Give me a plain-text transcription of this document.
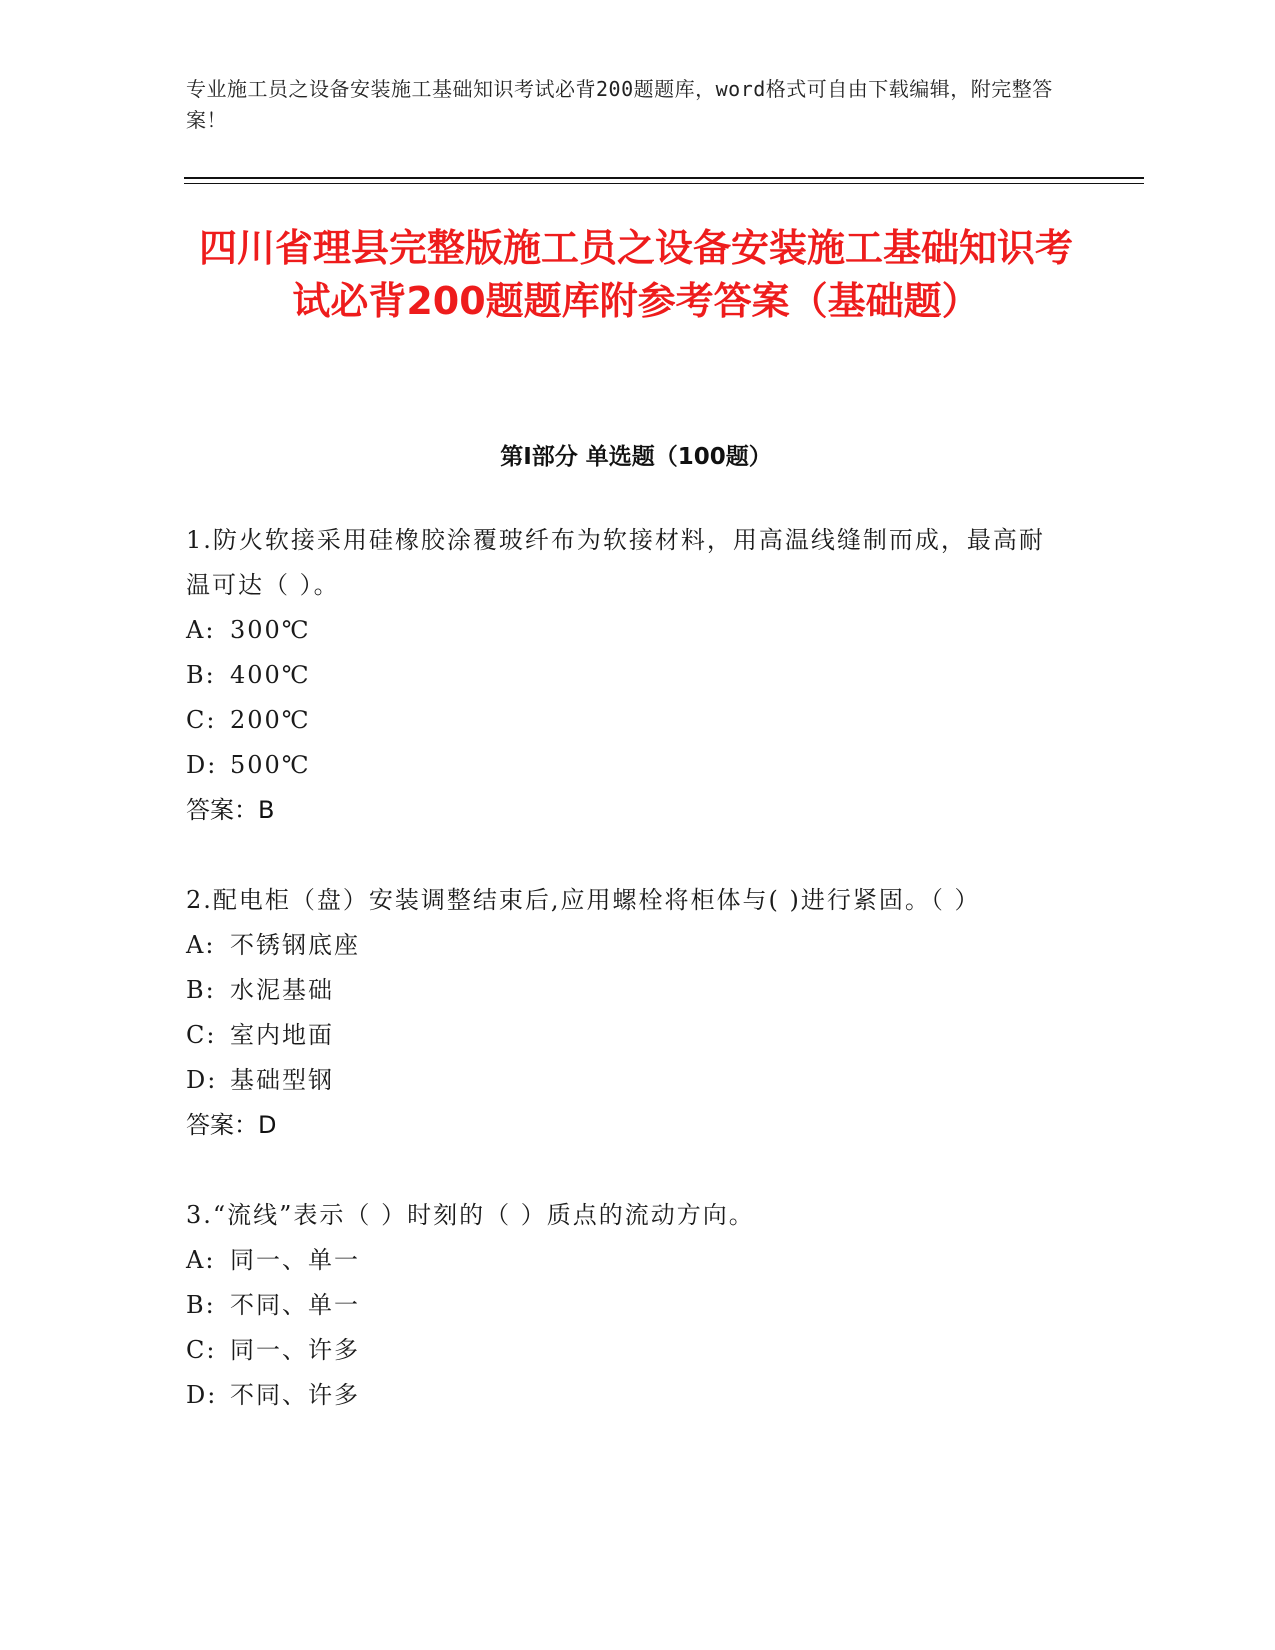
专业施工员之设备安装施工基础知识考试必背200题题库，word格式可自由下载编辑，附完整答案！
四川省理县完整版施工员之设备安装施工基础知识考试必背200题题库附参考答案（基础题）
第Ⅰ部分 单选题（100题）
1.防火软接采用硅橡胶涂覆玻纤布为软接材料，用高温线缝制而成，最高耐温可达（ ）。
A: 300℃
B: 400℃
C: 200℃
D: 500℃
答案：B
2.配电柜（盘）安装调整结束后,应用螺栓将柜体与( )进行紧固。（ ）
A: 不锈钢底座
B: 水泥基础
C: 室内地面
D: 基础型钢
答案：D
3.“流线”表示（ ）时刻的（ ）质点的流动方向。
A: 同一、单一
B: 不同、单一
C: 同一、许多
D: 不同、许多
